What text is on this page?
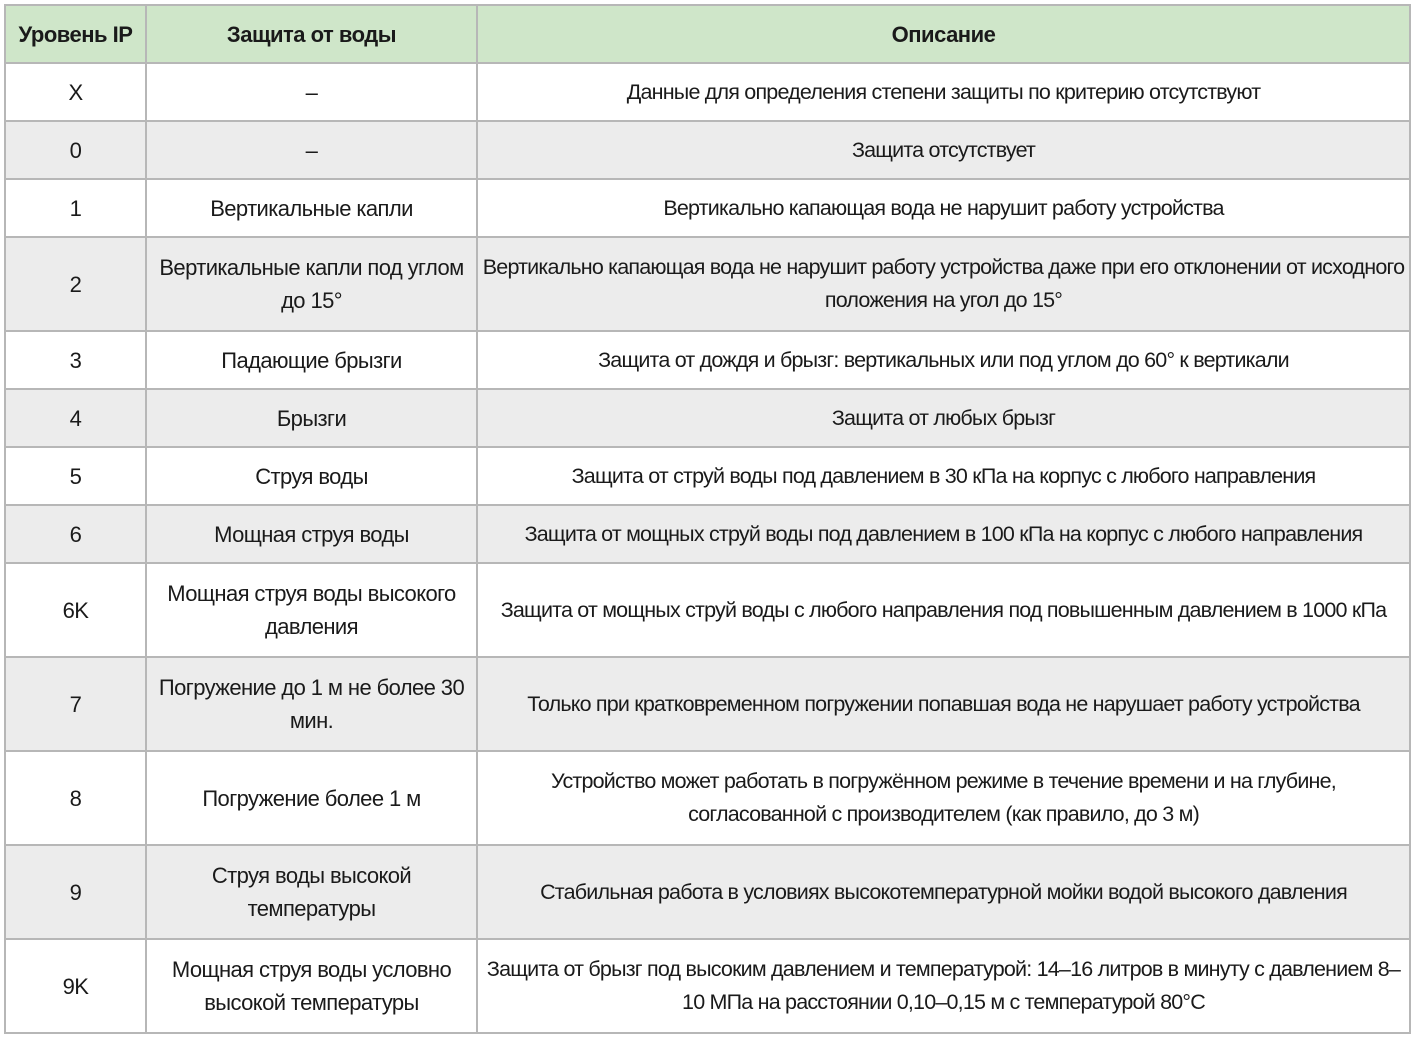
Уровень IP	Защита от воды	Описание
X	–	Данные для определения степени защиты по критерию отсутствуют
0	–	Защита отсутствует
1	Вертикальные капли	Вертикально капающая вода не нарушит работу устройства
2	Вертикальные капли под углом до 15°	Вертикально капающая вода не нарушит работу устройства даже при его отклонении от исходного положения на угол до 15°
3	Падающие брызги	Защита от дождя и брызг: вертикальных или под углом до 60° к вертикали
4	Брызги	Защита от любых брызг
5	Струя воды	Защита от струй воды под давлением в 30 кПа на корпус с любого направления
6	Мощная струя воды	Защита от мощных струй воды под давлением в 100 кПа на корпус с любого направления
6K	Мощная струя воды высокого давления	Защита от мощных струй воды с любого направления под повышенным давлением в 1000 кПа
7	Погружение до 1 м не более 30 мин.	Только при кратковременном погружении попавшая вода не нарушает работу устройства
8	Погружение более 1 м	Устройство может работать в погружённом режиме в течение времени и на глубине, согласованной с производителем (как правило, до 3 м)
9	Струя воды высокой температуры	Стабильная работа в условиях высокотемпературной мойки водой высокого давления
9K	Мощная струя воды условно высокой температуры	Защита от брызг под высоким давлением и температурой: 14–16 литров в минуту с давлением 8–10 МПа на расстоянии 0,10–0,15 м с температурой 80°C
